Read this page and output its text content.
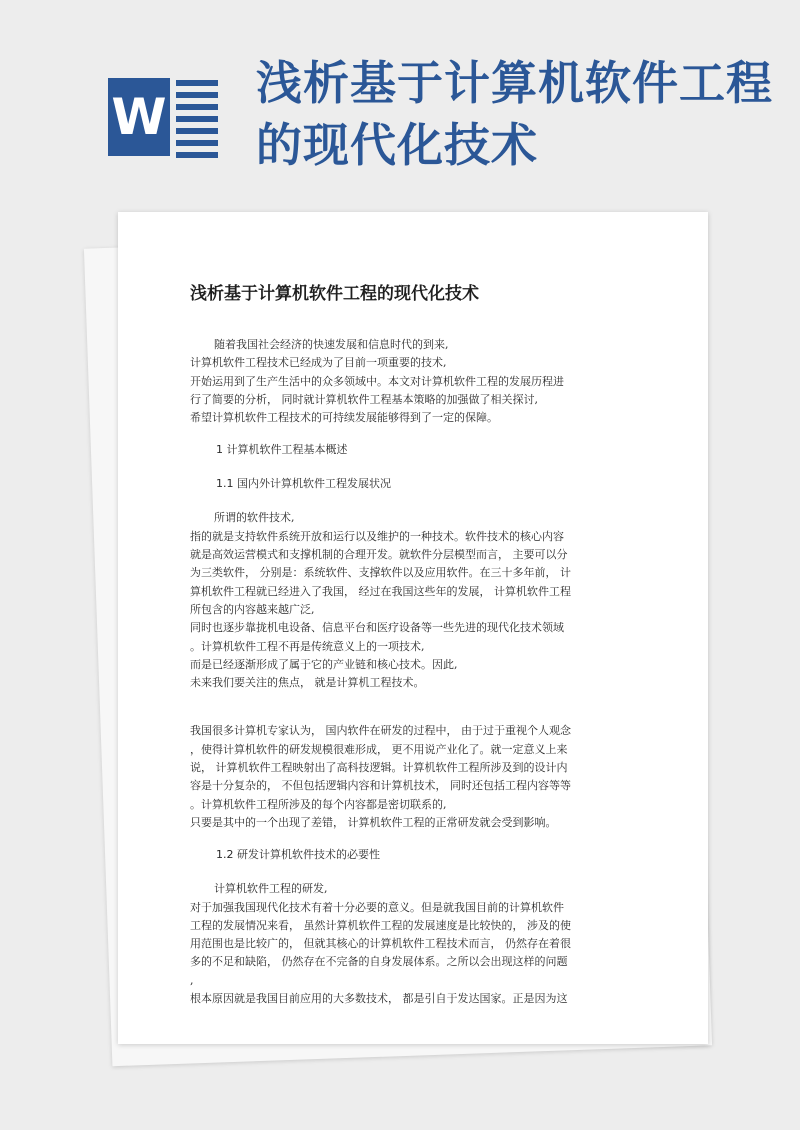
W
浅析基于计算机软件工程的现代化技术
浅析基于计算机软件工程的现代化技术
随着我国社会经济的快速发展和信息时代的到来,
计算机软件工程技术已经成为了目前一项重要的技术,
开始运用到了生产生活中的众多领域中。本文对计算机软件工程的发展历程进
行了简要的分析， 同时就计算机软件工程基本策略的加强做了相关探讨,
希望计算机软件工程技术的可持续发展能够得到了一定的保障。
1 计算机软件工程基本概述
1.1 国内外计算机软件工程发展状况
所谓的软件技术,
指的就是支持软件系统开放和运行以及维护的一种技术。软件技术的核心内容
就是高效运营模式和支撑机制的合理开发。就软件分层模型而言， 主要可以分
为三类软件， 分别是：系统软件、支撑软件以及应用软件。在三十多年前， 计
算机软件工程就已经进入了我国， 经过在我国这些年的发展， 计算机软件工程
所包含的内容越来越广泛,
同时也逐步靠拢机电设备、信息平台和医疗设备等一些先进的现代化技术领域
。计算机软件工程不再是传统意义上的一项技术,
而是已经逐渐形成了属于它的产业链和核心技术。因此,
未来我们要关注的焦点， 就是计算机工程技术。
我国很多计算机专家认为， 国内软件在研发的过程中， 由于过于重视个人观念
，使得计算机软件的研发规模很难形成， 更不用说产业化了。就一定意义上来
说， 计算机软件工程映射出了高科技逻辑。计算机软件工程所涉及到的设计内
容是十分复杂的， 不但包括逻辑内容和计算机技术， 同时还包括工程内容等等
。计算机软件工程所涉及的每个内容都是密切联系的,
只要是其中的一个出现了差错， 计算机软件工程的正常研发就会受到影响。
1.2 研发计算机软件技术的必要性
计算机软件工程的研发,
对于加强我国现代化技术有着十分必要的意义。但是就我国目前的计算机软件
工程的发展情况来看， 虽然计算机软件工程的发展速度是比较快的， 涉及的使
用范围也是比较广的， 但就其核心的计算机软件工程技术而言， 仍然存在着很
多的不足和缺陷， 仍然存在不完备的自身发展体系。之所以会出现这样的问题
,
根本原因就是我国目前应用的大多数技术， 都是引自于发达国家。正是因为这
